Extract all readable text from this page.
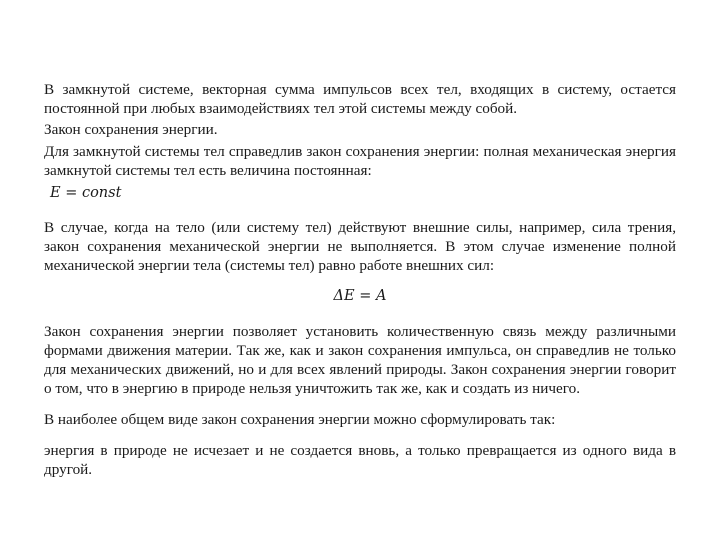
В замкнутой системе, векторная сумма импульсов всех тел, входящих в систему, остается постоянной при любых взаимодействиях тел этой системы между собой.

Закон сохранения энергии.

Для замкнутой системы тел справедлив закон сохранения энергии: полная механическая энергия замкнутой системы тел есть величина постоянная:

E = const

В случае, когда на тело (или систему тел) действуют внешние силы, например, сила трения, закон сохранения механической энергии не выполняется. В этом случае изменение полной механической энергии тела (системы тел) равно работе внешних сил:

ΔE = A

Закон сохранения энергии позволяет установить количественную связь между различными формами движения материи. Так же, как и закон сохранения импульса, он справедлив не только для механических движений, но и для всех явлений природы. Закон сохранения энергии говорит о том, что в энергию в природе нельзя уничтожить так же, как и создать из ничего.

В наиболее общем виде закон сохранения энергии можно сформулировать так:

энергия в природе не исчезает и не создается вновь, а только превращается из одного вида в другой.
